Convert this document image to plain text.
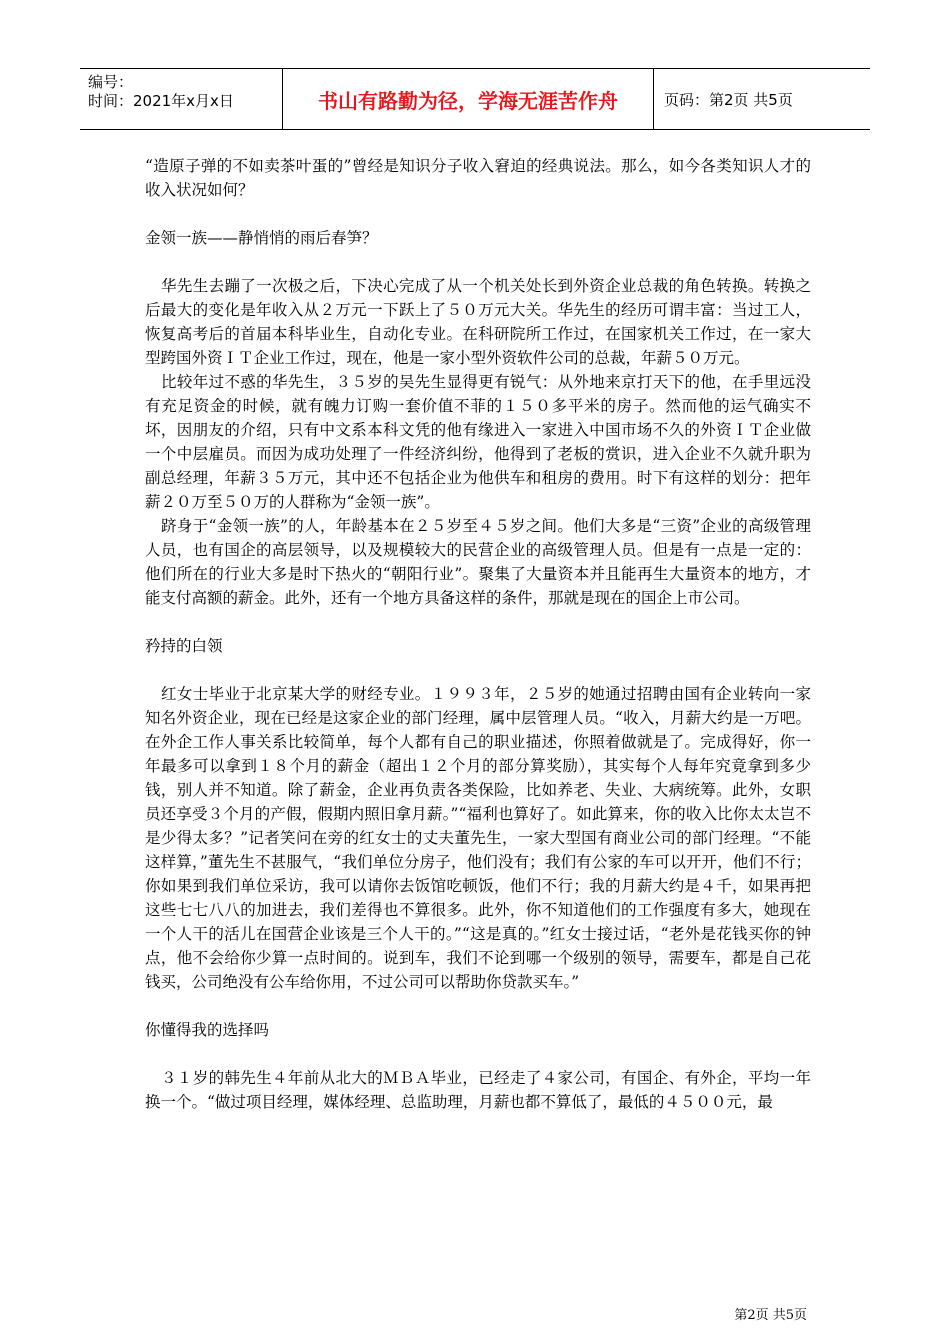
编号：
时间：2021年x月x日	书山有路勤为径，学海无涯苦作舟	页码：第2页 共5页

“造原子弹的不如卖茶叶蛋的”曾经是知识分子收入窘迫的经典说法。那么，如今各类知识人才的收入状况如何？

金领一族——静悄悄的雨后春笋？

华先生去蹦了一次极之后，下决心完成了从一个机关处长到外资企业总裁的角色转换。转换之后最大的变化是年收入从２万元一下跃上了５０万元大关。华先生的经历可谓丰富：当过工人，恢复高考后的首届本科毕业生，自动化专业。在科研院所工作过，在国家机关工作过，在一家大型跨国外资ＩＴ企业工作过，现在，他是一家小型外资软件公司的总裁，年薪５０万元。

比较年过不惑的华先生，３５岁的吴先生显得更有锐气：从外地来京打天下的他，在手里远没有充足资金的时候，就有魄力订购一套价值不菲的１５０多平米的房子。然而他的运气确实不坏，因朋友的介绍，只有中文系本科文凭的他有缘进入一家进入中国市场不久的外资ＩＴ企业做一个中层雇员。而因为成功处理了一件经济纠纷，他得到了老板的赏识，进入企业不久就升职为副总经理，年薪３５万元，其中还不包括企业为他供车和租房的费用。时下有这样的划分：把年薪２０万至５０万的人群称为“金领一族”。

跻身于“金领一族”的人，年龄基本在２５岁至４５岁之间。他们大多是“三资”企业的高级管理人员，也有国企的高层领导，以及规模较大的民营企业的高级管理人员。但是有一点是一定的：他们所在的行业大多是时下热火的“朝阳行业”。聚集了大量资本并且能再生大量资本的地方，才能支付高额的薪金。此外，还有一个地方具备这样的条件，那就是现在的国企上市公司。

矜持的白领

红女士毕业于北京某大学的财经专业。１９９３年，２５岁的她通过招聘由国有企业转向一家知名外资企业，现在已经是这家企业的部门经理，属中层管理人员。“收入，月薪大约是一万吧。在外企工作人事关系比较简单，每个人都有自己的职业描述，你照着做就是了。完成得好，你一年最多可以拿到１８个月的薪金（超出１２个月的部分算奖励），其实每个人每年究竟拿到多少钱，别人并不知道。除了薪金，企业再负责各类保险，比如养老、失业、大病统筹。此外，女职员还享受３个月的产假，假期内照旧拿月薪。”“福利也算好了。如此算来，你的收入比你太太岂不是少得太多？”记者笑问在旁的红女士的丈夫董先生，一家大型国有商业公司的部门经理。“不能这样算，”董先生不甚服气，“我们单位分房子，他们没有；我们有公家的车可以开开，他们不行；你如果到我们单位采访，我可以请你去饭馆吃顿饭，他们不行；我的月薪大约是４千，如果再把这些七七八八的加进去，我们差得也不算很多。此外，你不知道他们的工作强度有多大，她现在一个人干的活儿在国营企业该是三个人干的。”“这是真的。”红女士接过话，“老外是花钱买你的钟点，他不会给你少算一点时间的。说到车，我们不论到哪一个级别的领导，需要车，都是自己花钱买，公司绝没有公车给你用，不过公司可以帮助你贷款买车。”

你懂得我的选择吗

３１岁的韩先生４年前从北大的ＭＢＡ毕业，已经走了４家公司，有国企、有外企，平均一年换一个。“做过项目经理，媒体经理、总监助理，月薪也都不算低了，最低的４５００元，最

第2页 共5页
